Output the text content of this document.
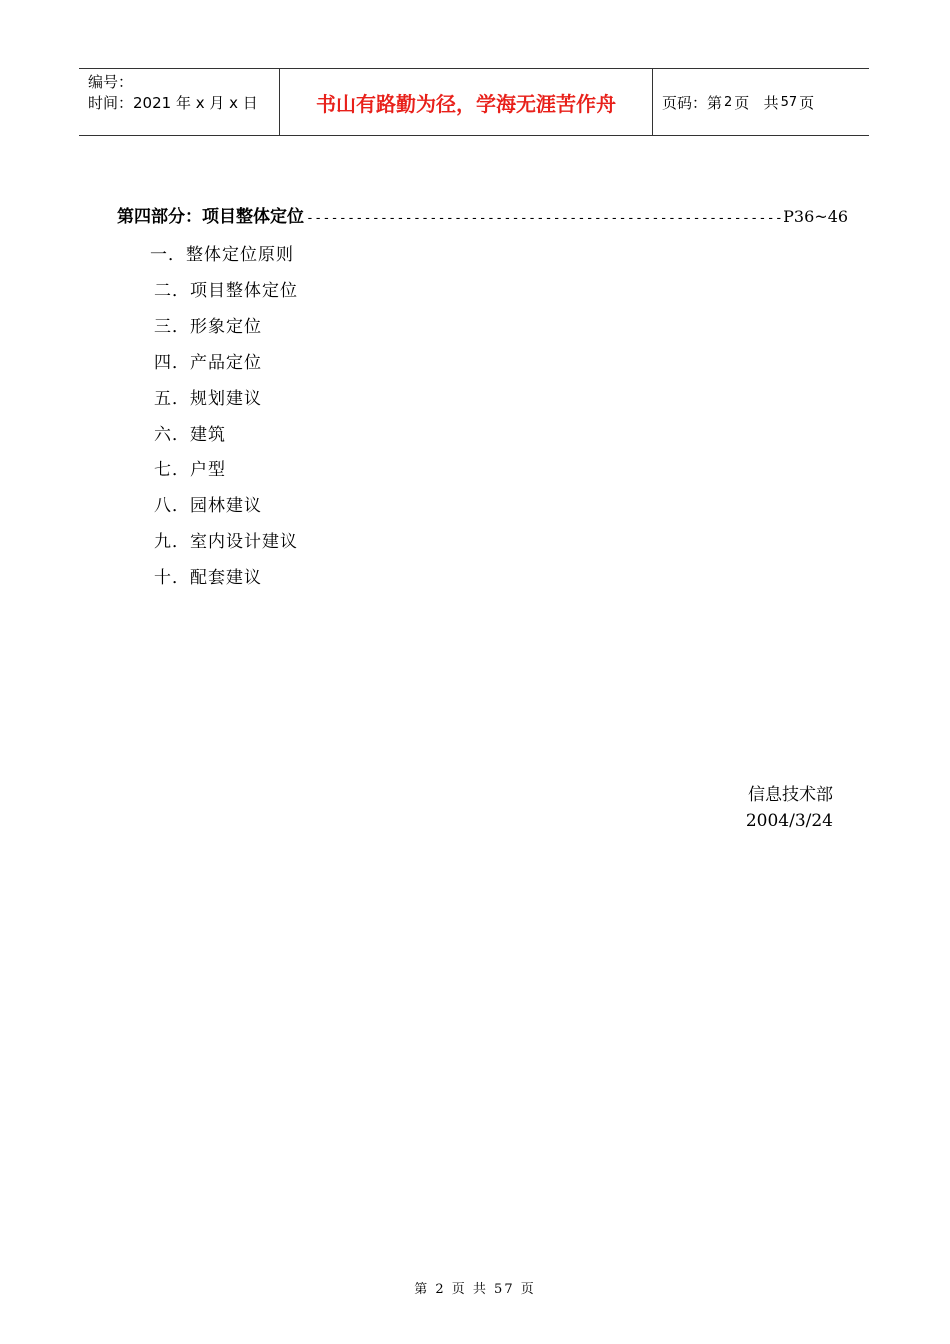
编号：
时间：2021 年 x 月 x 日	书山有路勤为径，学海无涯苦作舟	页码：第 2 页   共 57 页
第四部分：项目整体定位 ---------------------------------------------------------- P36~46
一．整体定位原则
二．项目整体定位
三．形象定位
四．产品定位
五．规划建议
六．建筑
七．户型
八．园林建议
九．室内设计建议
十．配套建议
信息技术部
2004/3/24
第 2 页 共 57 页
